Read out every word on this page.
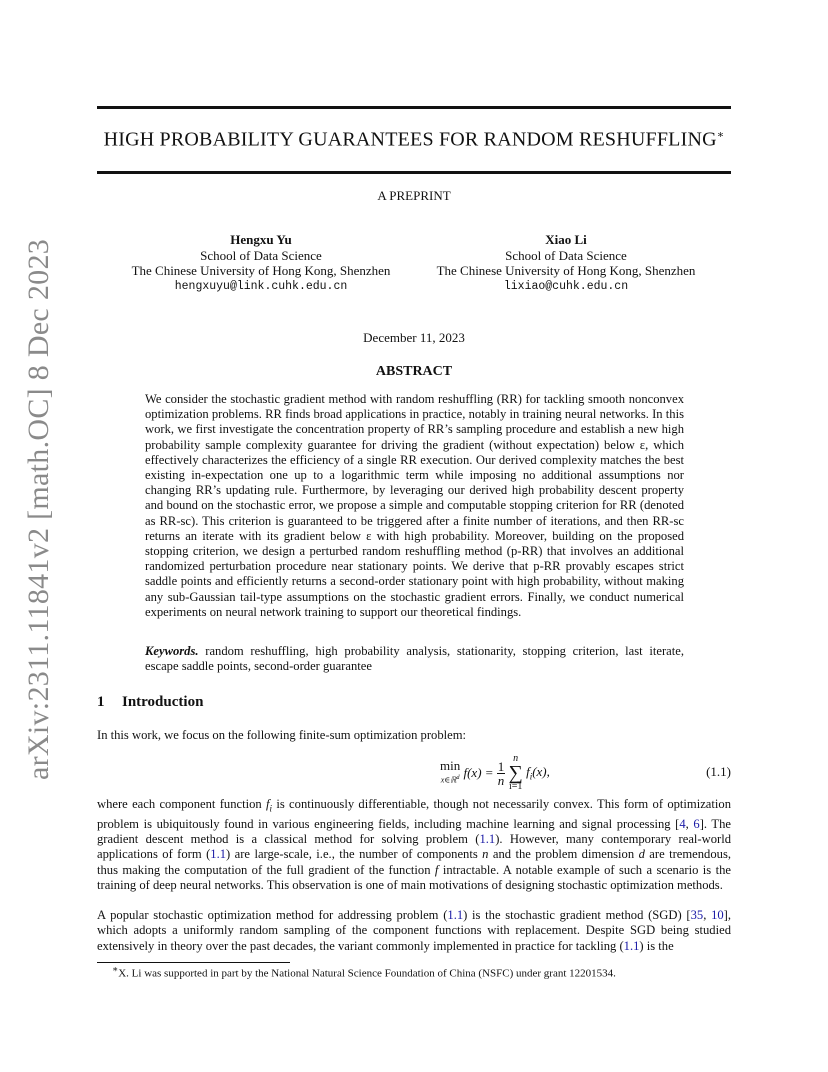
arXiv:2311.11841v2 [math.OC] 8 Dec 2023
HIGH PROBABILITY GUARANTEES FOR RANDOM RESHUFFLING∗
A PREPRINT
Hengxu Yu
School of Data Science
The Chinese University of Hong Kong, Shenzhen
hengxuyu@link.cuhk.edu.cn
Xiao Li
School of Data Science
The Chinese University of Hong Kong, Shenzhen
lixiao@cuhk.edu.cn
December 11, 2023
ABSTRACT
We consider the stochastic gradient method with random reshuffling (RR) for tackling smooth nonconvex optimization problems. RR finds broad applications in practice, notably in training neural networks. In this work, we first investigate the concentration property of RR’s sampling procedure and establish a new high probability sample complexity guarantee for driving the gradient (without expectation) below ε, which effectively characterizes the efficiency of a single RR execution. Our derived complexity matches the best existing in-expectation one up to a logarithmic term while imposing no additional assumptions nor changing RR’s updating rule. Furthermore, by leveraging our derived high probability descent property and bound on the stochastic error, we propose a simple and computable stopping criterion for RR (denoted as RR-sc). This criterion is guaranteed to be triggered after a finite number of iterations, and then RR-sc returns an iterate with its gradient below ε with high probability. Moreover, building on the proposed stopping criterion, we design a perturbed random reshuffling method (p-RR) that involves an additional randomized perturbation procedure near stationary points. We derive that p-RR provably escapes strict saddle points and efficiently returns a second-order stationary point with high probability, without making any sub-Gaussian tail-type assumptions on the stochastic gradient errors. Finally, we conduct numerical experiments on neural network training to support our theoretical findings.
Keywords. random reshuffling, high probability analysis, stationarity, stopping criterion, last iterate, escape saddle points, second-order guarantee
1 Introduction
In this work, we focus on the following finite-sum optimization problem:
min
x∈ℝ$^d$ $f(x) = \frac{1}{n}$

n
∑
i=1
$f_i(x)$,	(1.1)
where each component function $f_i$ is continuously differentiable, though not necessarily convex. This form of optimization problem is ubiquitously found in various engineering fields, including machine learning and signal processing [4, 6]. The gradient descent method is a classical method for solving problem (1.1). However, many contemporary real-world applications of form (1.1) are large-scale, i.e., the number of components n and the problem dimension d are tremendous, thus making the computation of the full gradient of the function f intractable. A notable example of such a scenario is the training of deep neural networks. This observation is one of main motivations of designing stochastic optimization methods.
A popular stochastic optimization method for addressing problem (1.1) is the stochastic gradient method (SGD) [35, 10], which adopts a uniformly random sampling of the component functions with replacement. Despite SGD being studied extensively in theory over the past decades, the variant commonly implemented in practice for tackling (1.1) is the
∗X. Li was supported in part by the National Natural Science Foundation of China (NSFC) under grant 12201534.
